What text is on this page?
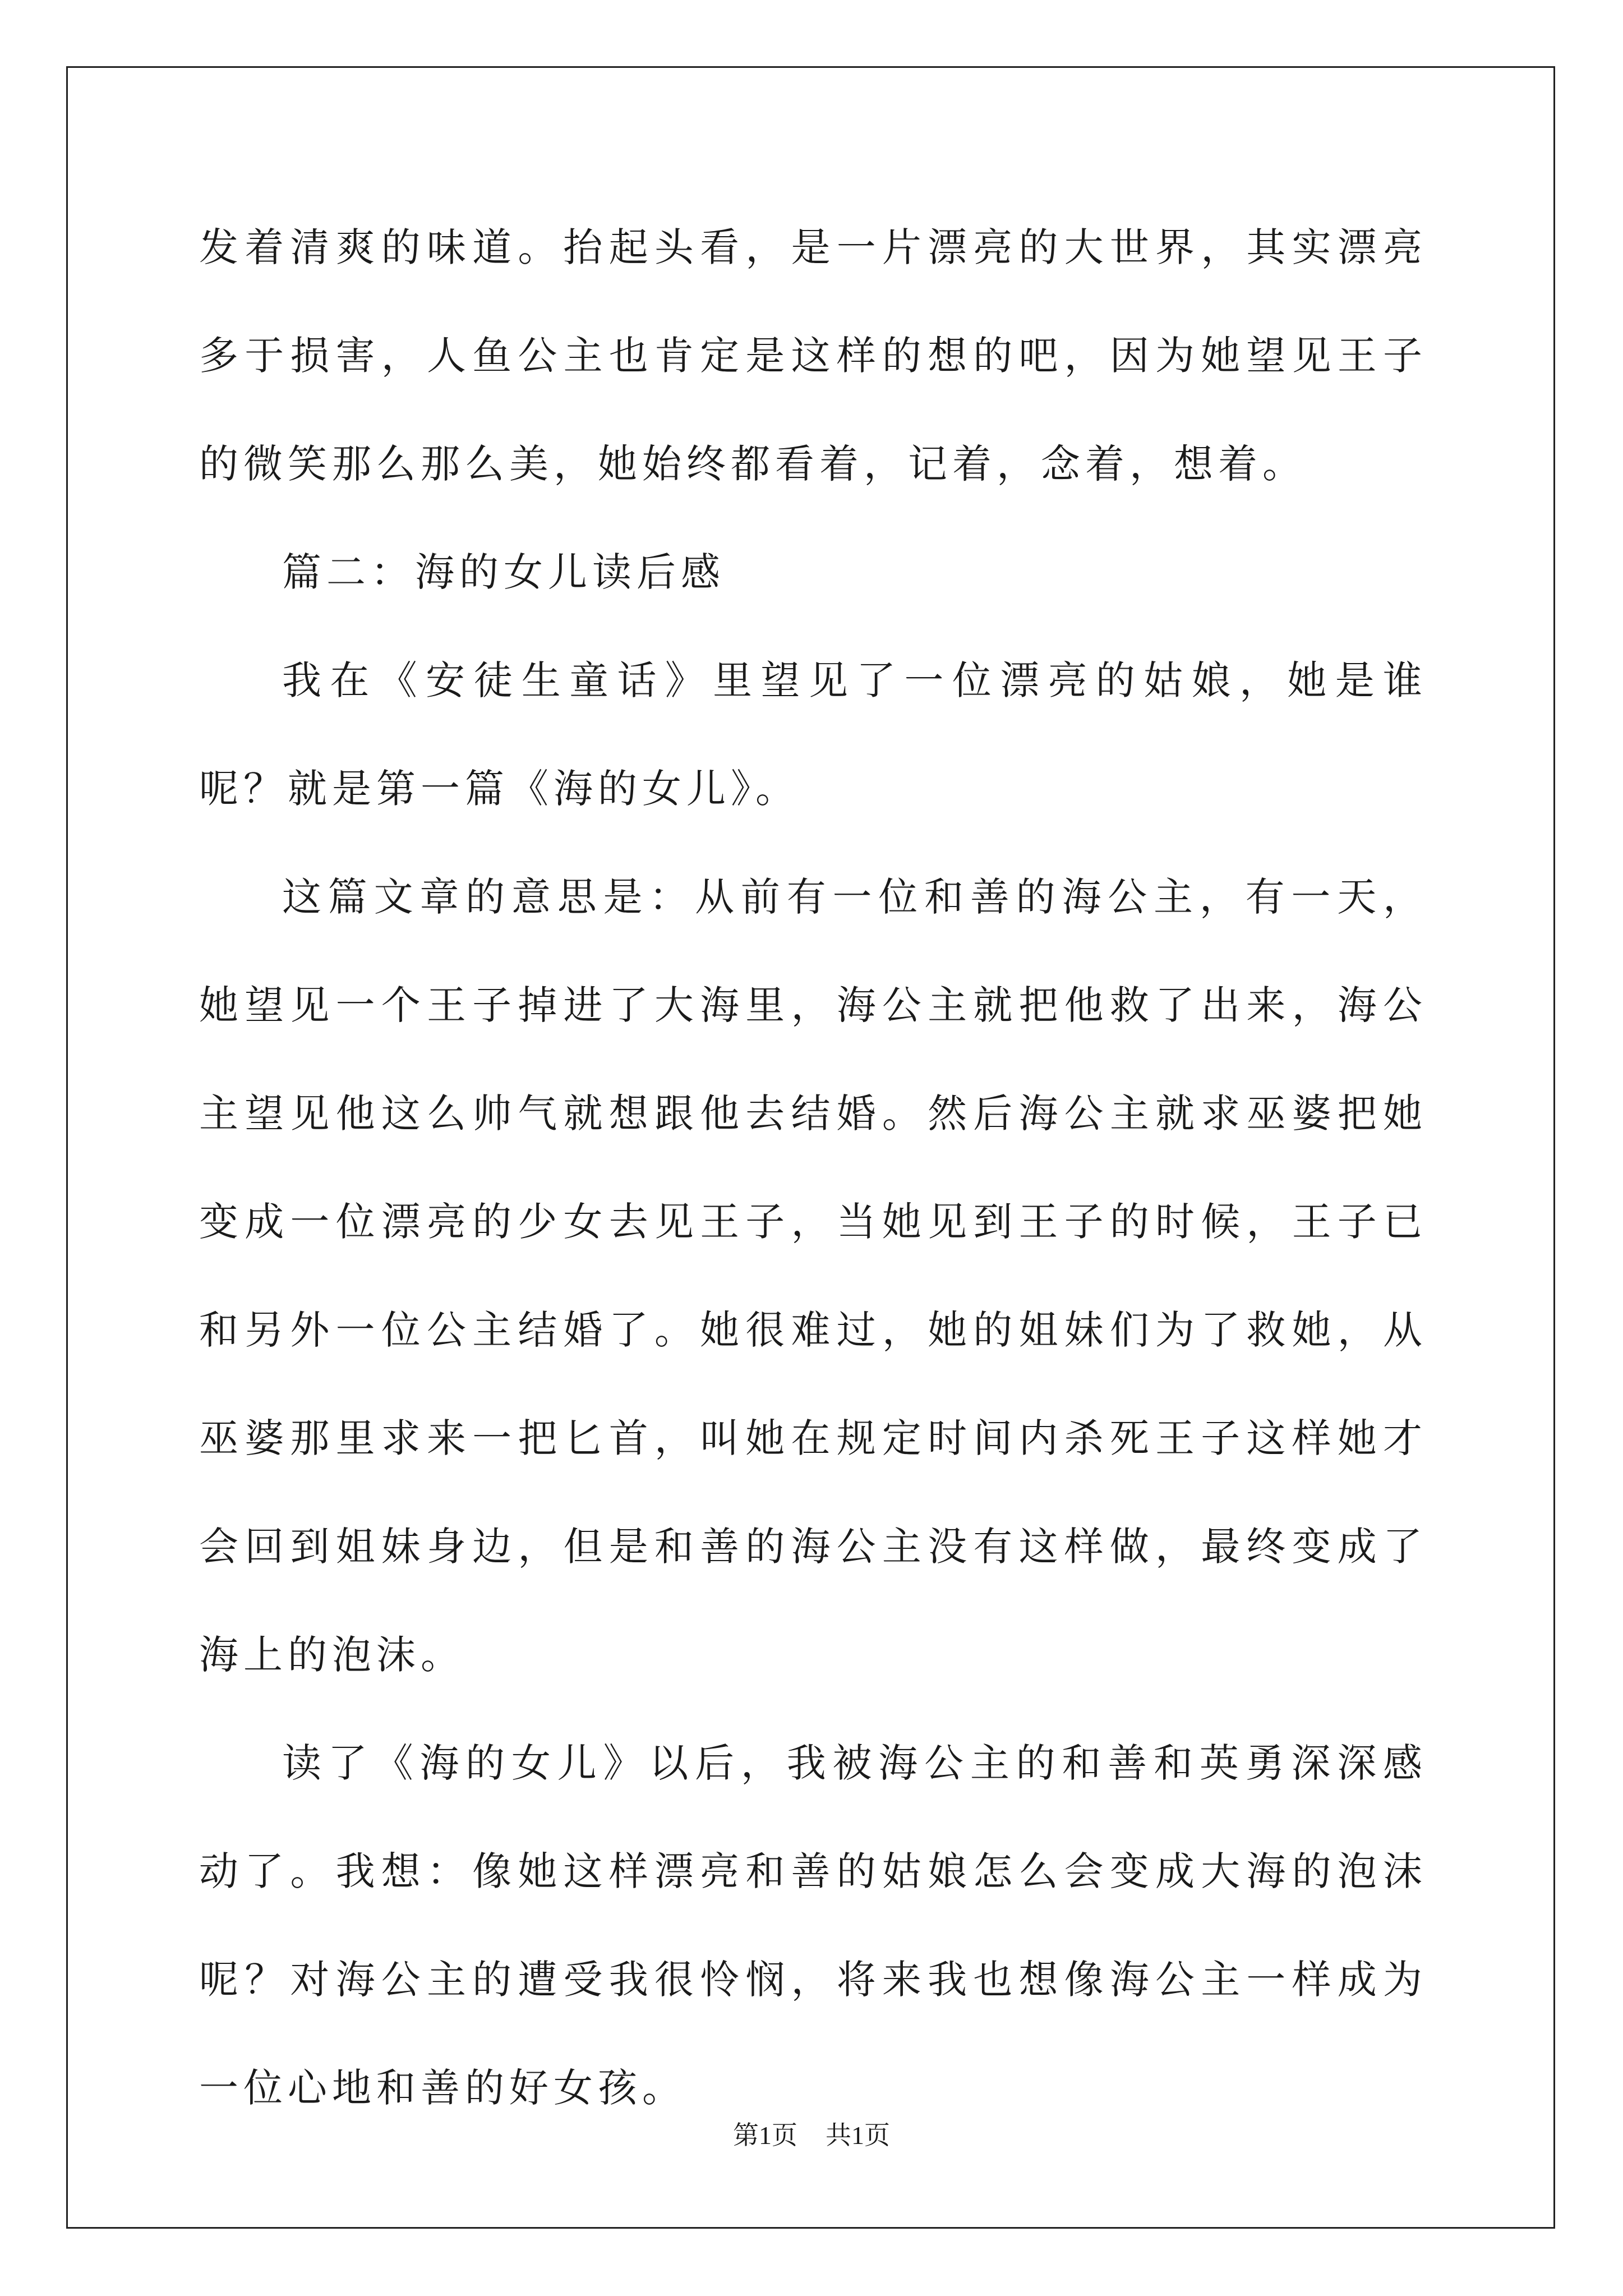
发着清爽的味道。抬起头看，是一片漂亮的大世界，其实漂亮多于损害，人鱼公主也肯定是这样的想的吧，因为她望见王子的微笑那么那么美，她始终都看着，记着，念着，想着。

篇二：海的女儿读后感

我在《安徒生童话》里望见了一位漂亮的姑娘，她是谁呢？就是第一篇《海的女儿》。

这篇文章的意思是：从前有一位和善的海公主，有一天，她望见一个王子掉进了大海里，海公主就把他救了出来，海公主望见他这么帅气就想跟他去结婚。然后海公主就求巫婆把她变成一位漂亮的少女去见王子，当她见到王子的时候，王子已和另外一位公主结婚了。她很难过，她的姐妹们为了救她，从巫婆那里求来一把匕首，叫她在规定时间内杀死王子这样她才会回到姐妹身边，但是和善的海公主没有这样做，最终变成了海上的泡沫。

读了《海的女儿》以后，我被海公主的和善和英勇深深感动了。我想：像她这样漂亮和善的姑娘怎么会变成大海的泡沫呢？对海公主的遭受我很怜悯，将来我也想像海公主一样成为一位心地和善的好女孩。

第1页 共1页
